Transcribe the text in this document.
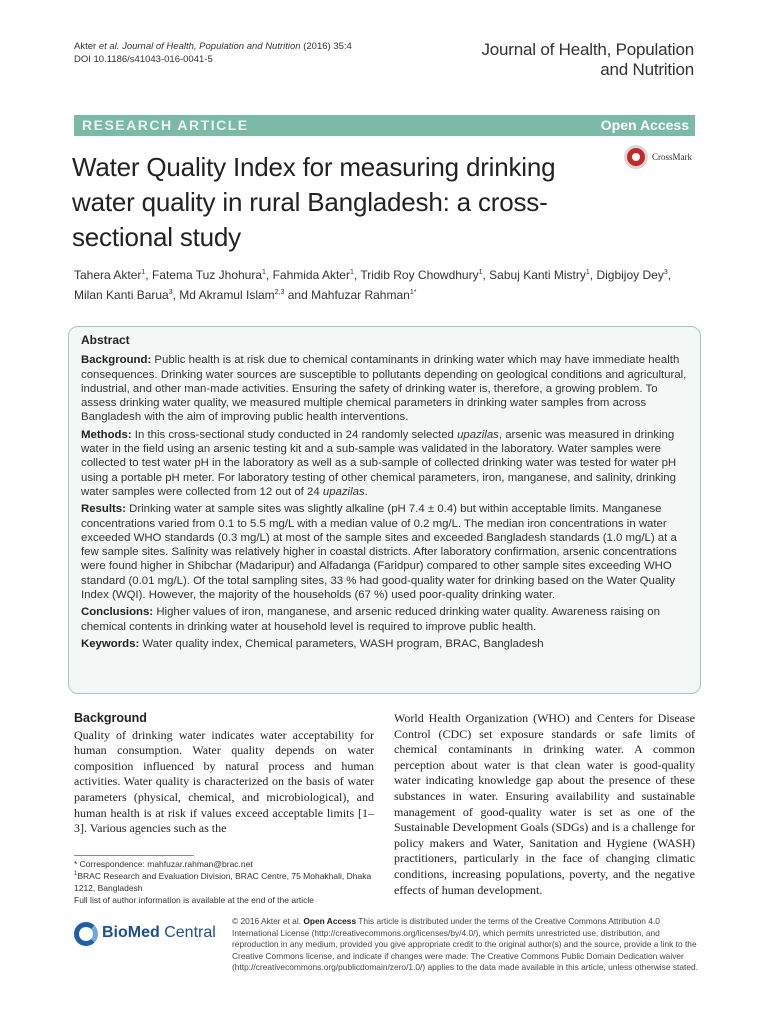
Akter et al. Journal of Health, Population and Nutrition (2016) 35:4
DOI 10.1186/s41043-016-0041-5
Journal of Health, Population
and Nutrition
RESEARCH ARTICLE	Open Access
Water Quality Index for measuring drinking water quality in rural Bangladesh: a cross-sectional study
CrossMark
Tahera Akter$^1$, Fatema Tuz Jhohura$^1$, Fahmida Akter$^1$, Tridib Roy Chowdhury$^1$, Sabuj Kanti Mistry$^1$, Digbijoy Dey$^3$, Milan Kanti Barua$^3$, Md Akramul Islam$^{2,3}$ and Mahfuzar Rahman$^{1*}$
Abstract

Background: Public health is at risk due to chemical contaminants in drinking water which may have immediate health consequences. Drinking water sources are susceptible to pollutants depending on geological conditions and agricultural, industrial, and other man-made activities. Ensuring the safety of drinking water is, therefore, a growing problem. To assess drinking water quality, we measured multiple chemical parameters in drinking water samples from across Bangladesh with the aim of improving public health interventions.

Methods: In this cross-sectional study conducted in 24 randomly selected upazilas, arsenic was measured in drinking water in the field using an arsenic testing kit and a sub-sample was validated in the laboratory. Water samples were collected to test water pH in the laboratory as well as a sub-sample of collected drinking water was tested for water pH using a portable pH meter. For laboratory testing of other chemical parameters, iron, manganese, and salinity, drinking water samples were collected from 12 out of 24 upazilas.

Results: Drinking water at sample sites was slightly alkaline (pH 7.4 ± 0.4) but within acceptable limits. Manganese concentrations varied from 0.1 to 5.5 mg/L with a median value of 0.2 mg/L. The median iron concentrations in water exceeded WHO standards (0.3 mg/L) at most of the sample sites and exceeded Bangladesh standards (1.0 mg/L) at a few sample sites. Salinity was relatively higher in coastal districts. After laboratory confirmation, arsenic concentrations were found higher in Shibchar (Madaripur) and Alfadanga (Faridpur) compared to other sample sites exceeding WHO standard (0.01 mg/L). Of the total sampling sites, 33 % had good-quality water for drinking based on the Water Quality Index (WQI). However, the majority of the households (67 %) used poor-quality drinking water.

Conclusions: Higher values of iron, manganese, and arsenic reduced drinking water quality. Awareness raising on chemical contents in drinking water at household level is required to improve public health.

Keywords: Water quality index, Chemical parameters, WASH program, BRAC, Bangladesh

Background
Quality of drinking water indicates water acceptability for human consumption. Water quality depends on water composition influenced by natural process and human activities. Water quality is characterized on the basis of water parameters (physical, chemical, and microbiological), and human health is at risk if values exceed acceptable limits [1–3]. Various agencies such as the
World Health Organization (WHO) and Centers for Disease Control (CDC) set exposure standards or safe limits of chemical contaminants in drinking water. A common perception about water is that clean water is good-quality water indicating knowledge gap about the presence of these substances in water. Ensuring availability and sustainable management of good-quality water is set as one of the Sustainable Development Goals (SDGs) and is a challenge for policy makers and Water, Sanitation and Hygiene (WASH) practitioners, particularly in the face of changing climatic conditions, increasing populations, poverty, and the negative effects of human development.
* Correspondence: mahfuzar.rahman@brac.net
$^1$BRAC Research and Evaluation Division, BRAC Centre, 75 Mohakhali, Dhaka 1212, Bangladesh
Full list of author information is available at the end of the article
BioMed Central
© 2016 Akter et al. Open Access This article is distributed under the terms of the Creative Commons Attribution 4.0 International License (http://creativecommons.org/licenses/by/4.0/), which permits unrestricted use, distribution, and reproduction in any medium, provided you give appropriate credit to the original author(s) and the source, provide a link to the Creative Commons license, and indicate if changes were made. The Creative Commons Public Domain Dedication waiver (http://creativecommons.org/publicdomain/zero/1.0/) applies to the data made available in this article, unless otherwise stated.
